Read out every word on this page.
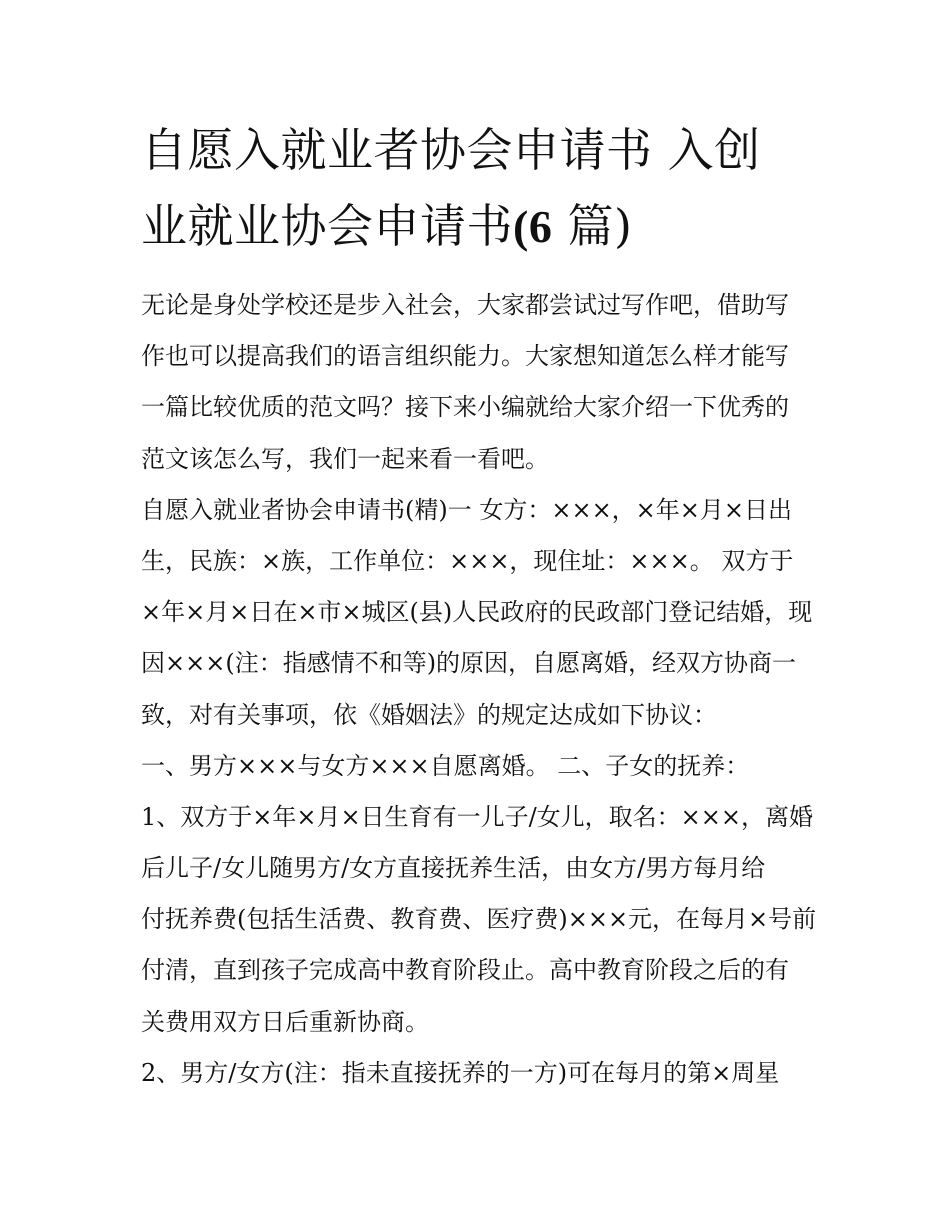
自愿入就业者协会申请书 入创
业就业协会申请书(6 篇)
无论是身处学校还是步入社会，大家都尝试过写作吧，借助写
作也可以提高我们的语言组织能力。大家想知道怎么样才能写
一篇比较优质的范文吗？接下来小编就给大家介绍一下优秀的
范文该怎么写，我们一起来看一看吧。
自愿入就业者协会申请书(精)一 女方：×××，×年×月×日出
生，民族：×族，工作单位：×××，现住址：×××。 双方于
×年×月×日在×市×城区(县)人民政府的民政部门登记结婚，现
因×××(注：指感情不和等)的原因，自愿离婚，经双方协商一
致，对有关事项，依《婚姻法》的规定达成如下协议：
一、男方×××与女方×××自愿离婚。 二、子女的抚养：
1、双方于×年×月×日生育有一儿子/女儿，取名：×××，离婚
后儿子/女儿随男方/女方直接抚养生活，由女方/男方每月给
付抚养费(包括生活费、教育费、医疗费)×××元，在每月×号前
付清，直到孩子完成高中教育阶段止。高中教育阶段之后的有
关费用双方日后重新协商。
2、男方/女方(注：指未直接抚养的一方)可在每月的第×周星
